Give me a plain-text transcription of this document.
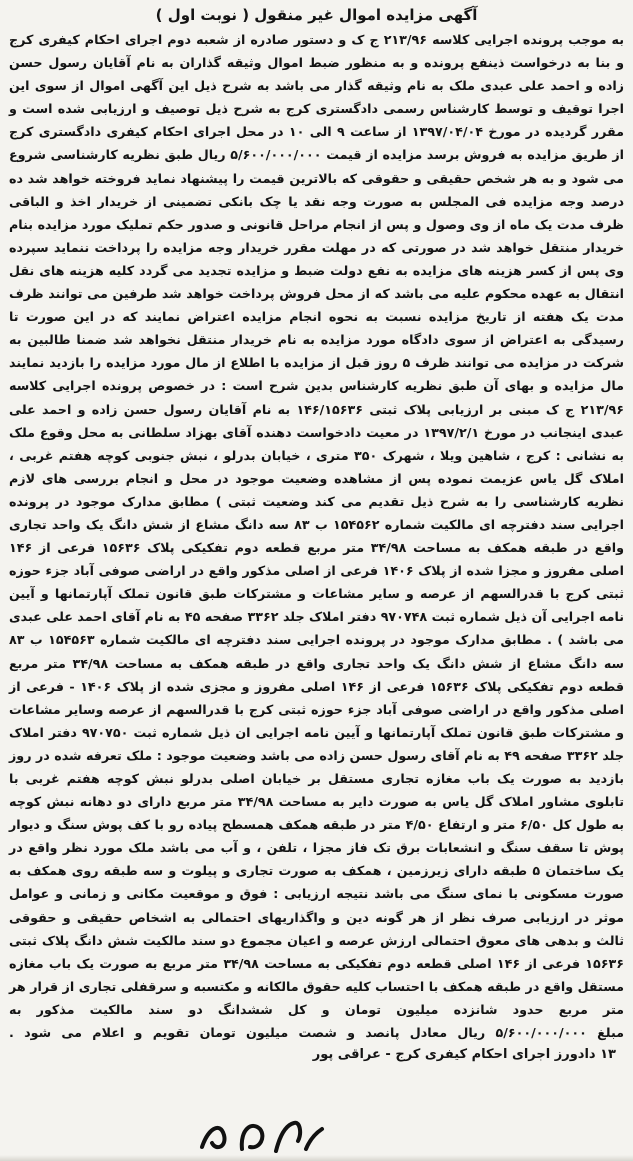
آگهی مزایده اموال غیر منقول ( نوبت اول )

به موجب پرونده اجرایی کلاسه ۲۱۳/۹۶ ج ک و دستور صادره از شعبه دوم اجرای احکام کیفری کرج و بنا به درخواست ذینفع پرونده و به منظور ضبط اموال وثیقه گذاران به نام آقایان رسول حسن زاده و احمد علی عبدی ملک به نام وثیقه گذار می باشد به شرح ذیل این آگهی اموال از سوی این اجرا توقیف و توسط کارشناس رسمی دادگستری کرج به شرح ذیل توصیف و ارزیابی شده است و مقرر گردیده در مورخ ۱۳۹۷/۰۴/۰۴ از ساعت ۹ الی ۱۰ در محل اجرای احکام کیفری دادگستری کرج از طریق مزایده به فروش برسد مزایده از قیمت ۵/۶۰۰/۰۰۰/۰۰۰ ریال طبق نظریه کارشناسی شروع می شود و به هر شخص حقیقی و حقوقی که بالاترین قیمت را پیشنهاد نماید فروخته خواهد شد ده درصد وجه مزایده فی المجلس به صورت وجه نقد یا چک بانکی تضمینی از خریدار اخذ و الباقی ظرف مدت یک ماه از وی وصول و پس از انجام مراحل قانونی و صدور حکم تملیک مورد مزایده بنام خریدار منتقل خواهد شد در صورتی که در مهلت مقرر خریدار وجه مزایده را پرداخت ننماید سپرده وی پس از کسر هزینه های مزایده به نفع دولت ضبط و مزایده تجدید می گردد کلیه هزینه های نقل انتقال به عهده محکوم علیه می باشد که از محل فروش پرداخت خواهد شد طرفین می توانند ظرف مدت یک هفته از تاریخ مزایده نسبت به نحوه انجام مزایده اعتراض نمایند که در این صورت تا رسیدگی به اعتراض از سوی دادگاه مورد مزایده به نام خریدار منتقل نخواهد شد ضمنا طالبین به شرکت در مزایده می توانند ظرف ۵ روز قبل از مزایده با اطلاع از مال مورد مزایده را بازدید نمایند مال مزایده و بهای آن طبق نظریه کارشناس بدین شرح است : در خصوص پرونده اجرایی کلاسه ۲۱۳/۹۶ ج ک مبنی بر ارزیابی پلاک ثبتی ۱۴۶/۱۵۶۳۶ به نام آقایان رسول حسن زاده و احمد علی عبدی اینجانب در مورخ ۱۳۹۷/۲/۱ در معیت دادخواست دهنده آقای بهزاد سلطانی به محل وقوع ملک به نشانی : کرج ، شاهین ویلا ، شهرک ۳۵۰ متری ، خیابان بدرلو ، نبش جنوبی کوچه هفتم غربی ، املاک گل یاس عزیمت نموده پس از مشاهده وضعیت موجود در محل و انجام بررسی های لازم نظریه کارشناسی را به شرح ذیل تقدیم می کند وضعیت ثبتی ) مطابق مدارک موجود در پرونده اجرایی سند دفترچه ای مالکیت شماره ۱۵۴۵۶۲ ب ۸۳ سه دانگ مشاع از شش دانگ یک واحد تجاری واقع در طبقه همکف به مساحت ۳۴/۹۸ متر مربع قطعه دوم تفکیکی پلاک ۱۵۶۳۶ فرعی از ۱۴۶ اصلی مفروز و مجزا شده از پلاک ۱۴۰۶ فرعی از اصلی مذکور واقع در اراضی صوفی آباد جزء حوزه ثبتی کرج با قدرالسهم از عرصه و سایر مشاعات و مشترکات طبق قانون تملک آپارتمانها و آیین نامه اجرایی آن ذیل شماره ثبت ۹۷۰۷۴۸ دفتر املاک جلد ۳۳۶۲ صفحه ۴۵ به نام آقای احمد علی عبدی می باشد ) . مطابق مدارک موجود در پرونده اجرایی سند دفترچه ای مالکیت شماره ۱۵۴۵۶۳ ب ۸۳ سه دانگ مشاع از شش دانگ یک واحد تجاری واقع در طبقه همکف به مساحت ۳۴/۹۸ متر مربع قطعه دوم تفکیکی پلاک ۱۵۶۳۶ فرعی از ۱۴۶ اصلی مفروز و مجزی شده از پلاک ۱۴۰۶ - فرعی از اصلی مذکور واقع در اراضی صوفی آباد جزء حوزه ثبتی کرج با قدرالسهم از عرصه وسایر مشاعات و مشترکات طبق قانون تملک آپارتمانها و آیین نامه اجرایی ان ذیل شماره ثبت ۹۷۰۷۵۰ دفتر املاک جلد ۳۳۶۲ صفحه ۴۹ به نام آقای رسول حسن زاده می باشد وضعیت موجود : ملک تعرفه شده در روز بازدید به صورت یک باب مغازه تجاری مستقل بر خیابان اصلی بدرلو نبش کوچه هفتم غربی با تابلوی مشاور املاک گل یاس به صورت دایر به مساحت ۳۴/۹۸ متر مربع دارای دو دهانه نبش کوچه به طول کل ۶/۵۰ متر و ارتفاع ۴/۵۰ متر در طبقه همکف همسطح پیاده رو با کف پوش سنگ و دیوار پوش تا سقف سنگ و انشعابات برق تک فاز مجزا ، تلفن ، و آب می باشد ملک مورد نظر واقع در یک ساختمان ۵ طبقه دارای زیرزمین ، همکف به صورت تجاری و پیلوت و سه طبقه روی همکف به صورت مسکونی با نمای سنگ می باشد نتیجه ارزیابی : فوق و موقعیت مکانی و زمانی و عوامل موثر در ارزیابی صرف نظر از هر گونه دین و واگذاریهای احتمالی به اشخاص حقیقی و حقوقی ثالث و بدهی های معوق احتمالی ارزش عرصه و اعیان مجموع دو سند مالکیت شش دانگ پلاک ثبتی ۱۵۶۳۶ فرعی از ۱۴۶ اصلی قطعه دوم تفکیکی به مساحت ۳۴/۹۸ متر مربع به صورت یک باب مغازه مستقل واقع در طبقه همکف با احتساب کلیه حقوق مالکانه و مکتسبه و سرقفلی تجاری از قرار هر متر مربع حدود شانزده میلیون تومان و کل ششدانگ دو سند مالکیت مذکور به

مبلغ ۵/۶۰۰/۰۰۰/۰۰۰ ریال معادل پانصد و شصت میلیون تومان تقویم و اعلام می شود .

۱۳ دادورز اجرای احکام کیفری کرج - عراقی پور
